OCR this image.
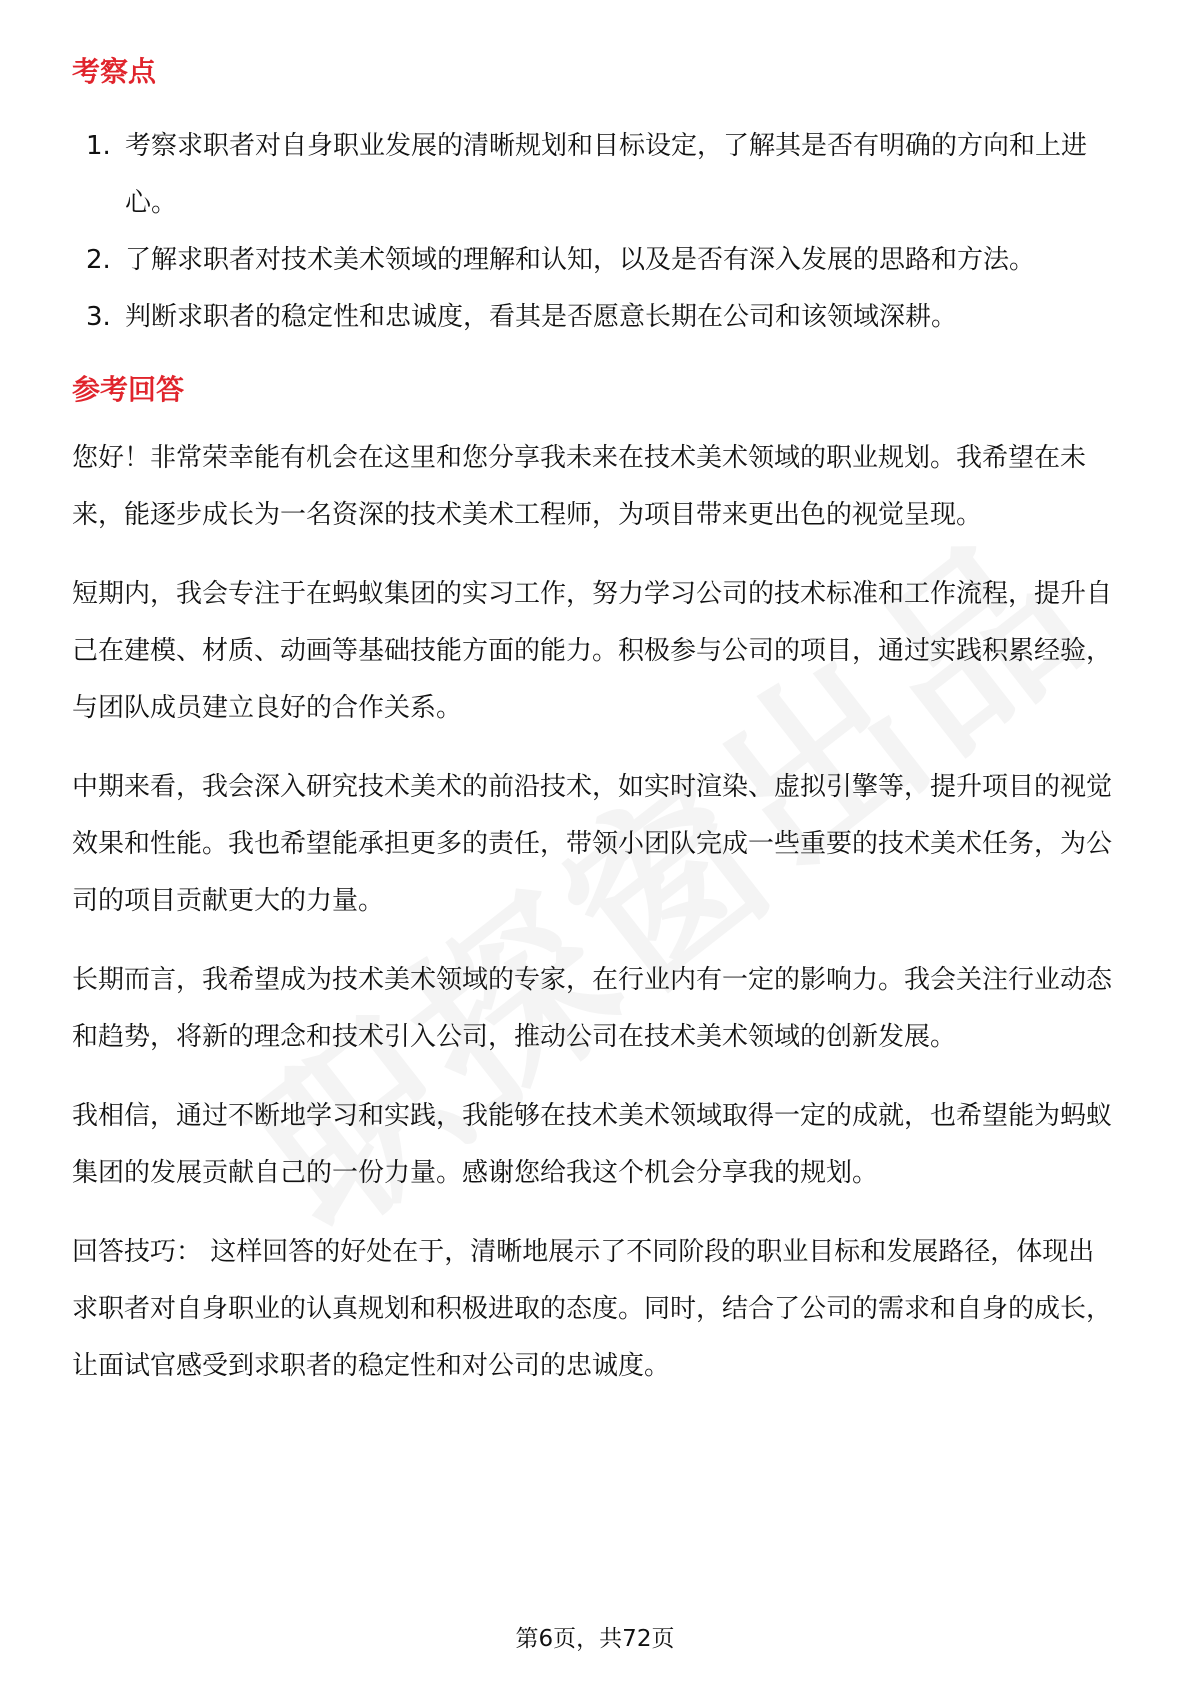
考察点
1. 考察求职者对自身职业发展的清晰规划和目标设定，了解其是否有明确的方向和上进心。
2. 了解求职者对技术美术领域的理解和认知，以及是否有深入发展的思路和方法。
3. 判断求职者的稳定性和忠诚度，看其是否愿意长期在公司和该领域深耕。
参考回答

您好！非常荣幸能有机会在这里和您分享我未来在技术美术领域的职业规划。我希望在未来，能逐步成长为一名资深的技术美术工程师，为项目带来更出色的视觉呈现。

短期内，我会专注于在蚂蚁集团的实习工作，努力学习公司的技术标准和工作流程，提升自己在建模、材质、动画等基础技能方面的能力。积极参与公司的项目，通过实践积累经验，与团队成员建立良好的合作关系。

中期来看，我会深入研究技术美术的前沿技术，如实时渲染、虚拟引擎等，提升项目的视觉效果和性能。我也希望能承担更多的责任，带领小团队完成一些重要的技术美术任务，为公司的项目贡献更大的力量。

长期而言，我希望成为技术美术领域的专家，在行业内有一定的影响力。我会关注行业动态和趋势，将新的理念和技术引入公司，推动公司在技术美术领域的创新发展。

我相信，通过不断地学习和实践，我能够在技术美术领域取得一定的成就，也希望能为蚂蚁集团的发展贡献自己的一份力量。感谢您给我这个机会分享我的规划。

回答技巧： 这样回答的好处在于，清晰地展示了不同阶段的职业目标和发展路径，体现出求职者对自身职业的认真规划和积极进取的态度。同时，结合了公司的需求和自身的成长，让面试官感受到求职者的稳定性和对公司的忠诚度。

第6页，共72页
